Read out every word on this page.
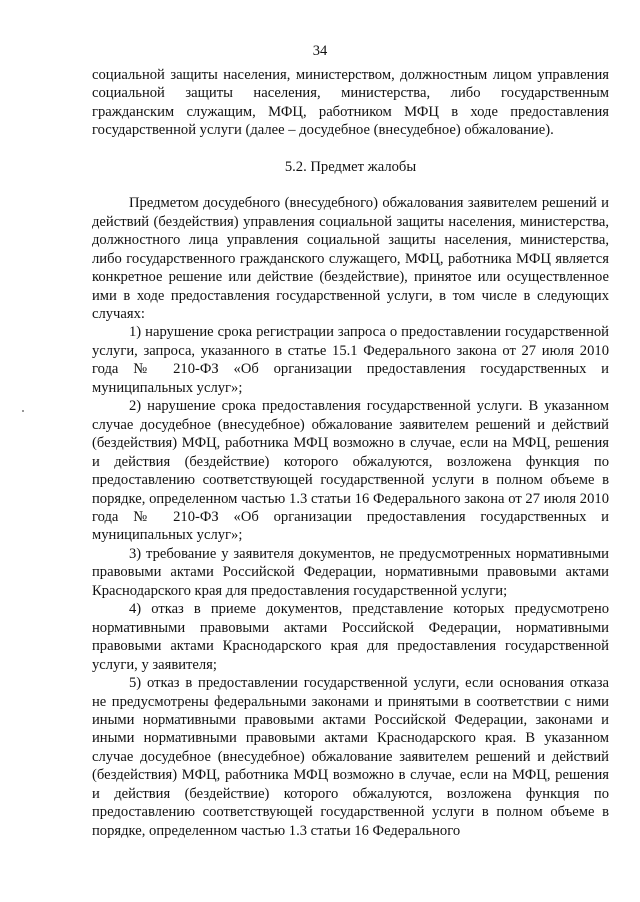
34

социальной защиты населения, министерством, должностным лицом управления социальной защиты населения, министерства, либо государственным гражданским служащим, МФЦ, работником МФЦ в ходе предоставления государственной услуги (далее – досудебное (внесудебное) обжалование).

5.2. Предмет жалобы

Предметом досудебного (внесудебного) обжалования заявителем решений и действий (бездействия) управления социальной защиты населения, министерства, должностного лица управления социальной защиты населения, министерства, либо государственного гражданского служащего, МФЦ, работника МФЦ является конкретное решение или действие (бездействие), принятое или осуществленное ими в ходе предоставления государственной услуги, в том числе в следующих случаях:

1) нарушение срока регистрации запроса о предоставлении государственной услуги, запроса, указанного в статье 15.1 Федерального закона от 27 июля 2010 года № 210-ФЗ «Об организации предоставления государственных и муниципальных услуг»;

2) нарушение срока предоставления государственной услуги. В указанном случае досудебное (внесудебное) обжалование заявителем решений и действий (бездействия) МФЦ, работника МФЦ возможно в случае, если на МФЦ, решения и действия (бездействие) которого обжалуются, возложена функция по предоставлению соответствующей государственной услуги в полном объеме в порядке, определенном частью 1.3 статьи 16 Федерального закона от 27 июля 2010 года № 210-ФЗ «Об организации предоставления государственных и муниципальных услуг»;

3) требование у заявителя документов, не предусмотренных нормативными правовыми актами Российской Федерации, нормативными правовыми актами Краснодарского края для предоставления государственной услуги;

4) отказ в приеме документов, представление которых предусмотрено нормативными правовыми актами Российской Федерации, нормативными правовыми актами Краснодарского края для предоставления государственной услуги, у заявителя;

5) отказ в предоставлении государственной услуги, если основания отказа не предусмотрены федеральными законами и принятыми в соответствии с ними иными нормативными правовыми актами Российской Федерации, законами и иными нормативными правовыми актами Краснодарского края. В указанном случае досудебное (внесудебное) обжалование заявителем решений и действий (бездействия) МФЦ, работника МФЦ возможно в случае, если на МФЦ, решения и действия (бездействие) которого обжалуются, возложена функция по предоставлению соответствующей государственной услуги в полном объеме в порядке, определенном частью 1.3 статьи 16 Федерального
